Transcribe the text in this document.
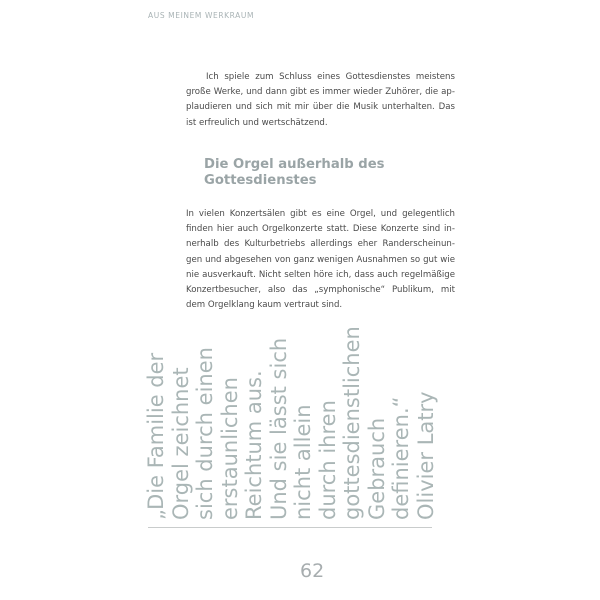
AUS MEINEM WERKRAUM
Ich spiele zum Schluss eines Gottesdienstes meistens große Werke, und dann gibt es immer wieder Zuhörer, die applaudieren und sich mit mir über die Musik unterhalten. Das ist erfreulich und wertschätzend.
Die Orgel außerhalb des Gottesdienstes
In vielen Konzertsälen gibt es eine Orgel, und gelegentlich finden hier auch Orgelkonzerte statt. Diese Konzerte sind innerhalb des Kulturbetriebs allerdings eher Randerscheinungen und abgesehen von ganz wenigen Ausnahmen so gut wie nie ausverkauft. Nicht selten höre ich, dass auch regelmäßige Konzertbesucher, also das „symphonische“ Publikum, mit dem Orgelklang kaum vertraut sind.
„Die Familie der Orgel zeichnet sich durch einen erstaunlichen Reichtum aus. Und sie lässt sich nicht allein durch ihren gottesdienstlichen Gebrauch definieren.“ Olivier Latry
62
